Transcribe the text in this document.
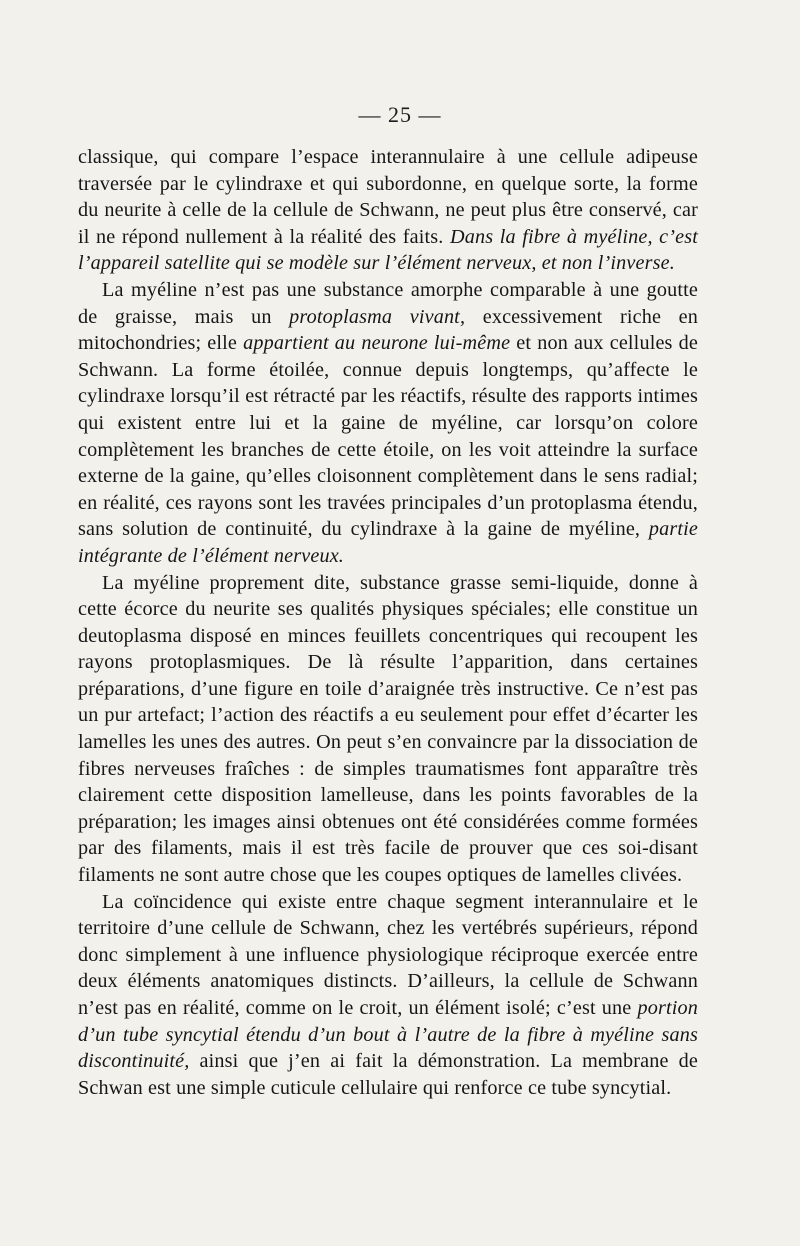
— 25 —

classique, qui compare l’espace interannulaire à une cellule adipeuse traversée par le cylindraxe et qui subordonne, en quelque sorte, la forme du neurite à celle de la cellule de Schwann, ne peut plus être conservé, car il ne répond nullement à la réalité des faits. Dans la fibre à myéline, c’est l’appareil satellite qui se modèle sur l’élément nerveux, et non l’inverse.

La myéline n’est pas une substance amorphe comparable à une goutte de graisse, mais un protoplasma vivant, excessivement riche en mitochondries; elle appartient au neurone lui-même et non aux cellules de Schwann. La forme étoilée, connue depuis longtemps, qu’affecte le cylindraxe lorsqu’il est rétracté par les réactifs, résulte des rapports intimes qui existent entre lui et la gaine de myéline, car lorsqu’on colore complètement les branches de cette étoile, on les voit atteindre la surface externe de la gaine, qu’elles cloisonnent complètement dans le sens radial; en réalité, ces rayons sont les travées principales d’un protoplasma étendu, sans solution de continuité, du cylindraxe à la gaine de myéline, partie intégrante de l’élément nerveux.

La myéline proprement dite, substance grasse semi-liquide, donne à cette écorce du neurite ses qualités physiques spéciales; elle constitue un deutoplasma disposé en minces feuillets concentriques qui recoupent les rayons protoplasmiques. De là résulte l’apparition, dans certaines préparations, d’une figure en toile d’araignée très instructive. Ce n’est pas un pur artefact; l’action des réactifs a eu seulement pour effet d’écarter les lamelles les unes des autres. On peut s’en convaincre par la dissociation de fibres nerveuses fraîches : de simples traumatismes font apparaître très clairement cette disposition lamelleuse, dans les points favorables de la préparation; les images ainsi obtenues ont été considérées comme formées par des filaments, mais il est très facile de prouver que ces soi-disant filaments ne sont autre chose que les coupes optiques de lamelles clivées.

La coïncidence qui existe entre chaque segment interannulaire et le territoire d’une cellule de Schwann, chez les vertébrés supérieurs, répond donc simplement à une influence physiologique réciproque exercée entre deux éléments anatomiques distincts. D’ailleurs, la cellule de Schwann n’est pas en réalité, comme on le croit, un élément isolé; c’est une portion d’un tube syncytial étendu d’un bout à l’autre de la fibre à myéline sans discontinuité, ainsi que j’en ai fait la démonstration. La membrane de Schwan est une simple cuticule cellulaire qui renforce ce tube syncytial.
